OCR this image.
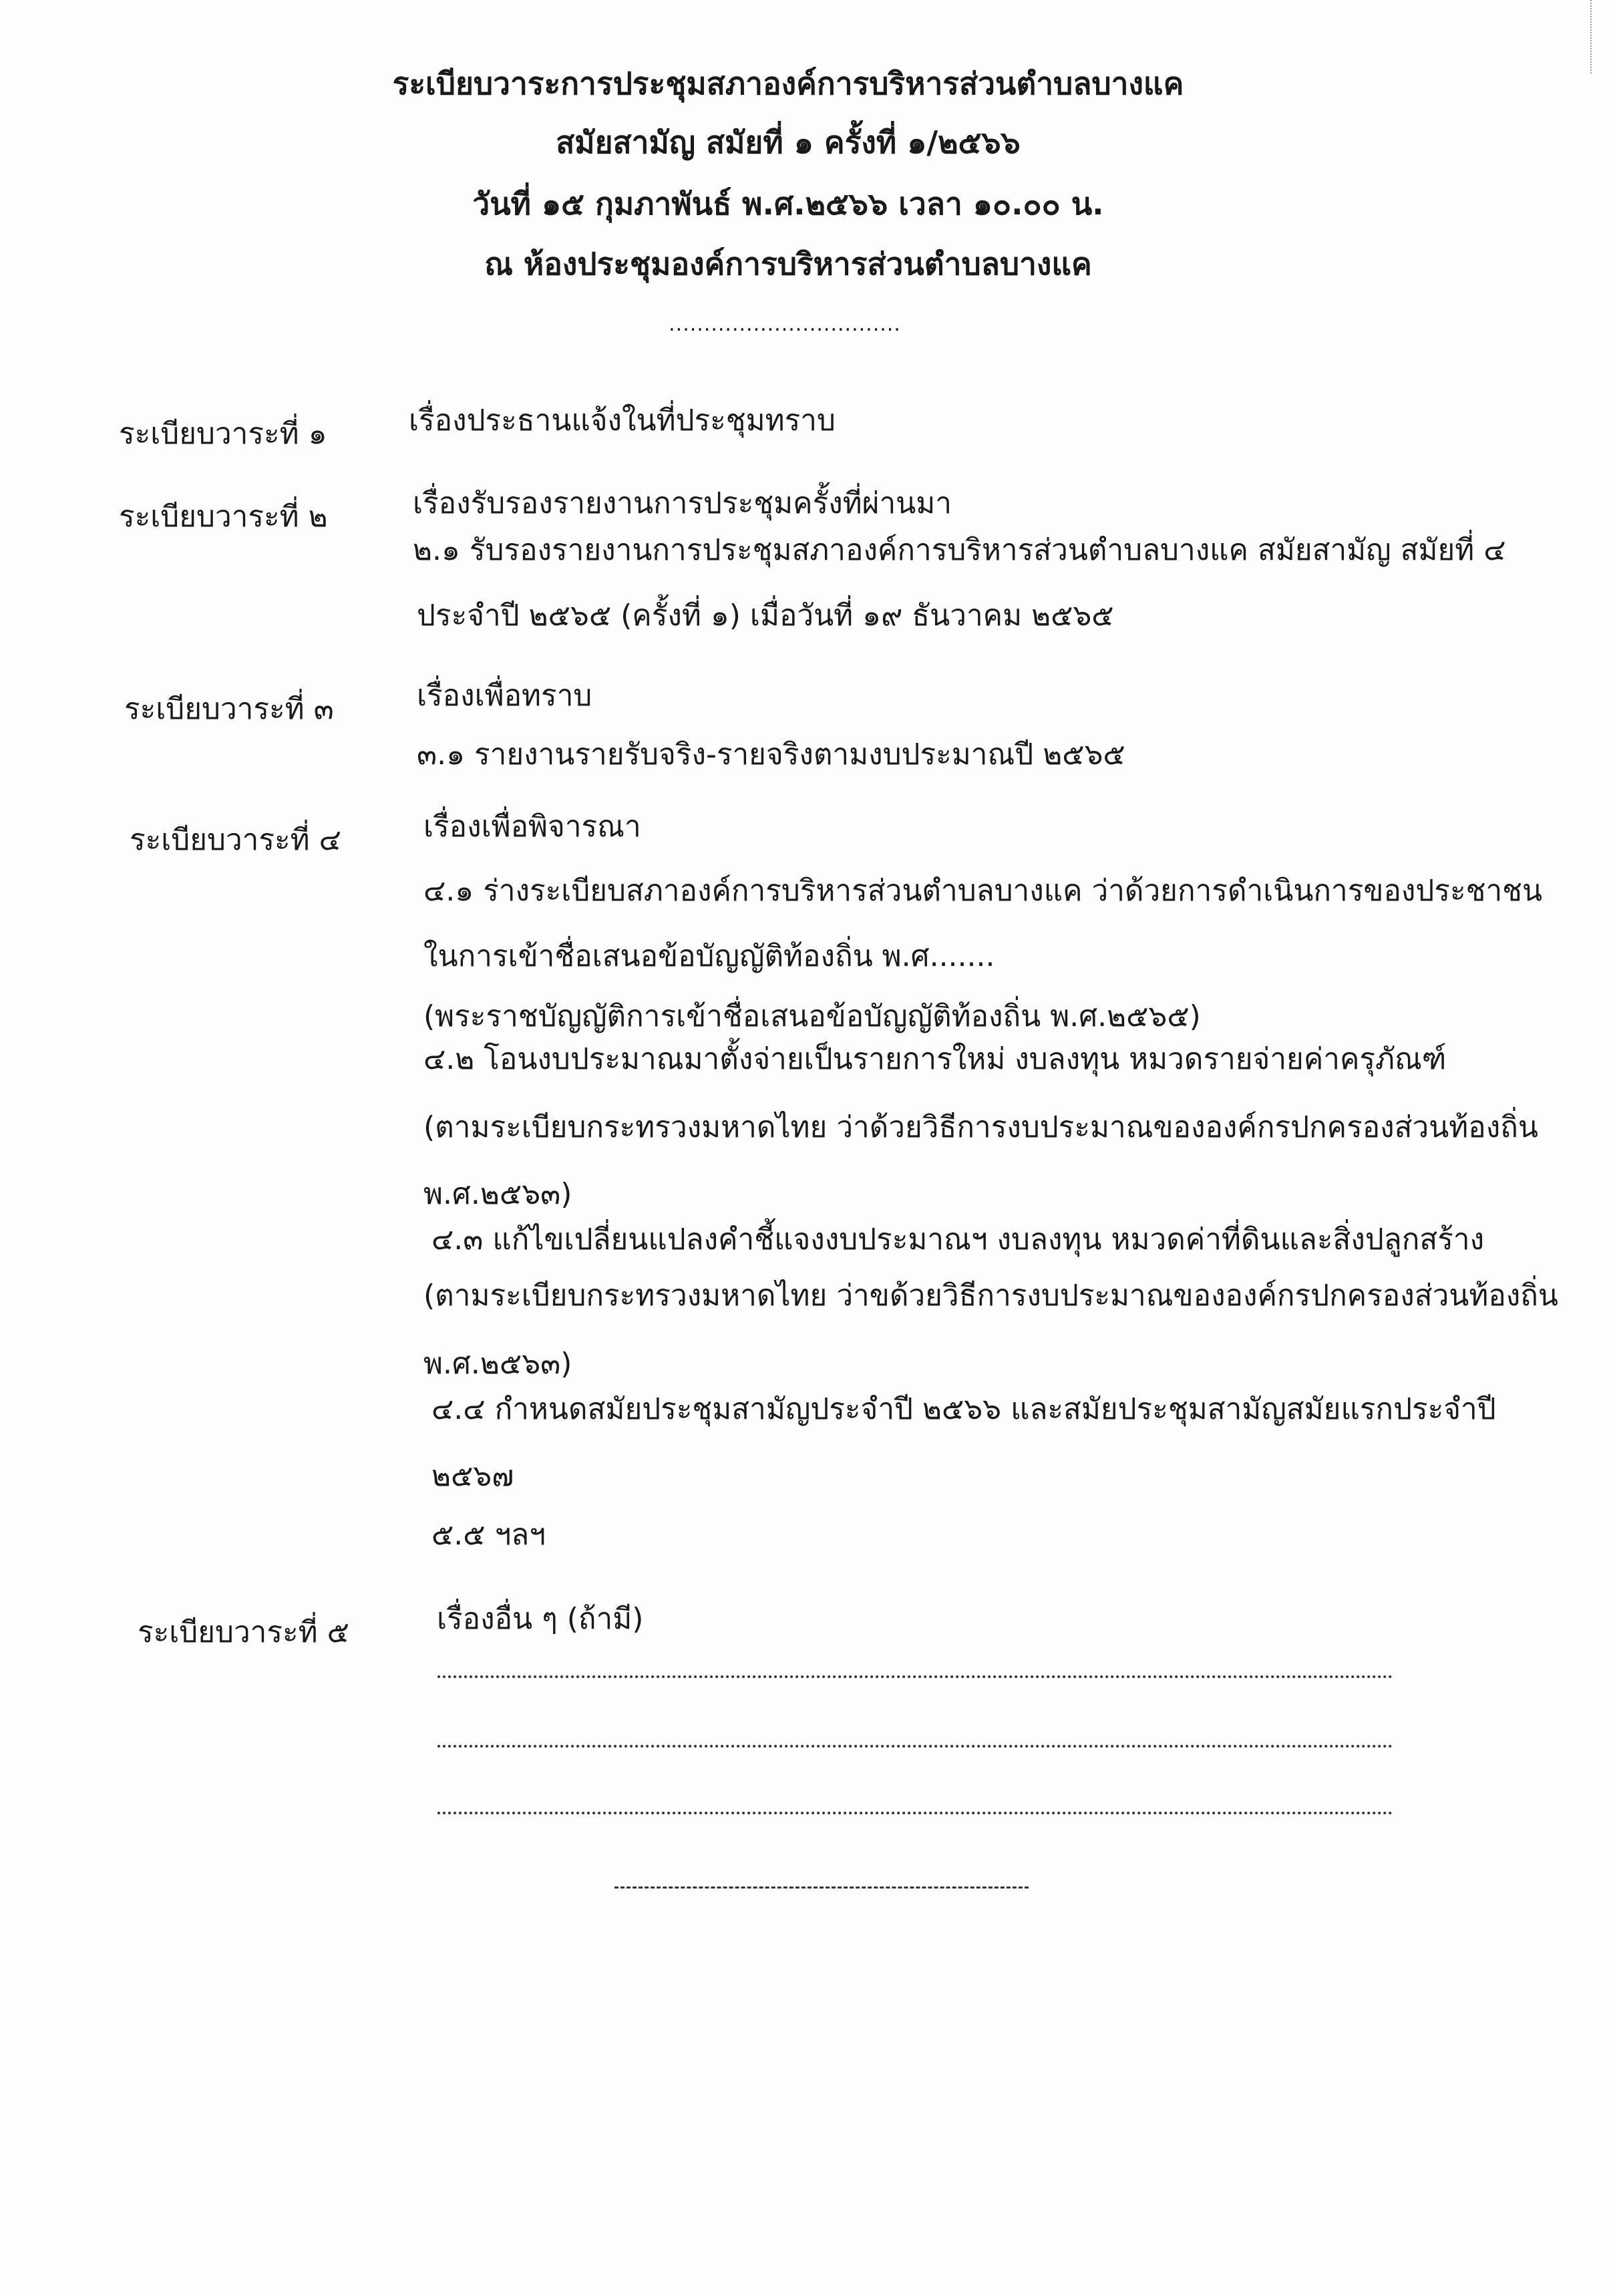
ระเบียบวาระการประชุมสภาองค์การบริหารส่วนตำบลบางแค
สมัยสามัญ สมัยที่ ๑ ครั้งที่ ๑/๒๕๖๖
วันที่ ๑๕ กุมภาพันธ์ พ.ศ.๒๕๖๖ เวลา ๑๐.๐๐ น.
ณ ห้องประชุมองค์การบริหารส่วนตำบลบางแค
.................................
ระเบียบวาระที่ ๑	เรื่องประธานแจ้งในที่ประชุมทราบ
ระเบียบวาระที่ ๒	เรื่องรับรองรายงานการประชุมครั้งที่ผ่านมา
๒.๑ รับรองรายงานการประชุมสภาองค์การบริหารส่วนตำบลบางแค สมัยสามัญ สมัยที่ ๔
ประจำปี ๒๕๖๕ (ครั้งที่ ๑) เมื่อวันที่ ๑๙ ธันวาคม ๒๕๖๕
ระเบียบวาระที่ ๓	เรื่องเพื่อทราบ
๓.๑ รายงานรายรับจริง-รายจริงตามงบประมาณปี ๒๕๖๕
ระเบียบวาระที่ ๔	เรื่องเพื่อพิจารณา
๔.๑ ร่างระเบียบสภาองค์การบริหารส่วนตำบลบางแค ว่าด้วยการดำเนินการของประชาชน
ในการเข้าชื่อเสนอข้อบัญญัติท้องถิ่น พ.ศ.......
(พระราชบัญญัติการเข้าชื่อเสนอข้อบัญญัติท้องถิ่น พ.ศ.๒๕๖๕)
๔.๒ โอนงบประมาณมาตั้งจ่ายเป็นรายการใหม่ งบลงทุน หมวดรายจ่ายค่าครุภัณฑ์
(ตามระเบียบกระทรวงมหาดไทย ว่าด้วยวิธีการงบประมาณขององค์กรปกครองส่วนท้องถิ่น
พ.ศ.๒๕๖๓)
๔.๓ แก้ไขเปลี่ยนแปลงคำชี้แจงงบประมาณฯ งบลงทุน หมวดค่าที่ดินและสิ่งปลูกสร้าง
(ตามระเบียบกระทรวงมหาดไทย ว่าขด้วยวิธีการงบประมาณขององค์กรปกครองส่วนท้องถิ่น
พ.ศ.๒๕๖๓)
๔.๔ กำหนดสมัยประชุมสามัญประจำปี ๒๕๖๖ และสมัยประชุมสามัญสมัยแรกประจำปี
๒๕๖๗
๕.๕ ฯลฯ
ระเบียบวาระที่ ๕	เรื่องอื่น ๆ (ถ้ามี)
